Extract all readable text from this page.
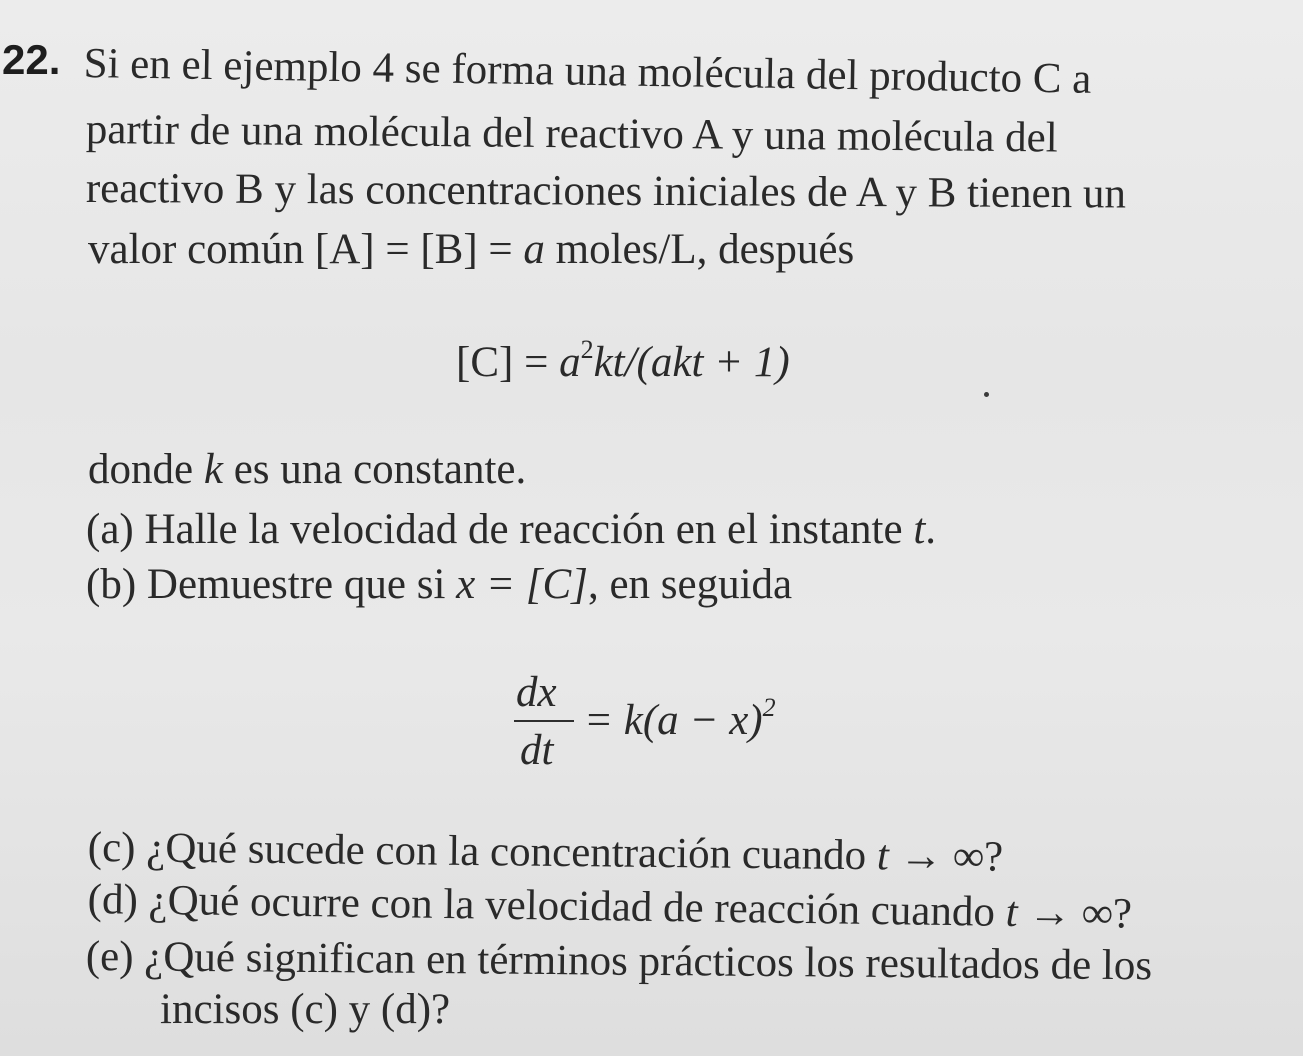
22. Si en el ejemplo 4 se forma una molécula del producto C a
partir de una molécula del reactivo A y una molécula del
reactivo B y las concentraciones iniciales de A y B tienen un
valor común [A] = [B] = a moles/L, después
$[C] = a^2kt/(akt + 1)$
donde k es una constante.
(a) Halle la velocidad de reacción en el instante t.
(b) Demuestre que si x = [C], en seguida
dx
dt
= $k(a - x)^2$
(c) ¿Qué sucede con la concentración cuando t → ∞?
(d) ¿Qué ocurre con la velocidad de reacción cuando t → ∞?
(e) ¿Qué significan en términos prácticos los resultados de los
incisos (c) y (d)?
